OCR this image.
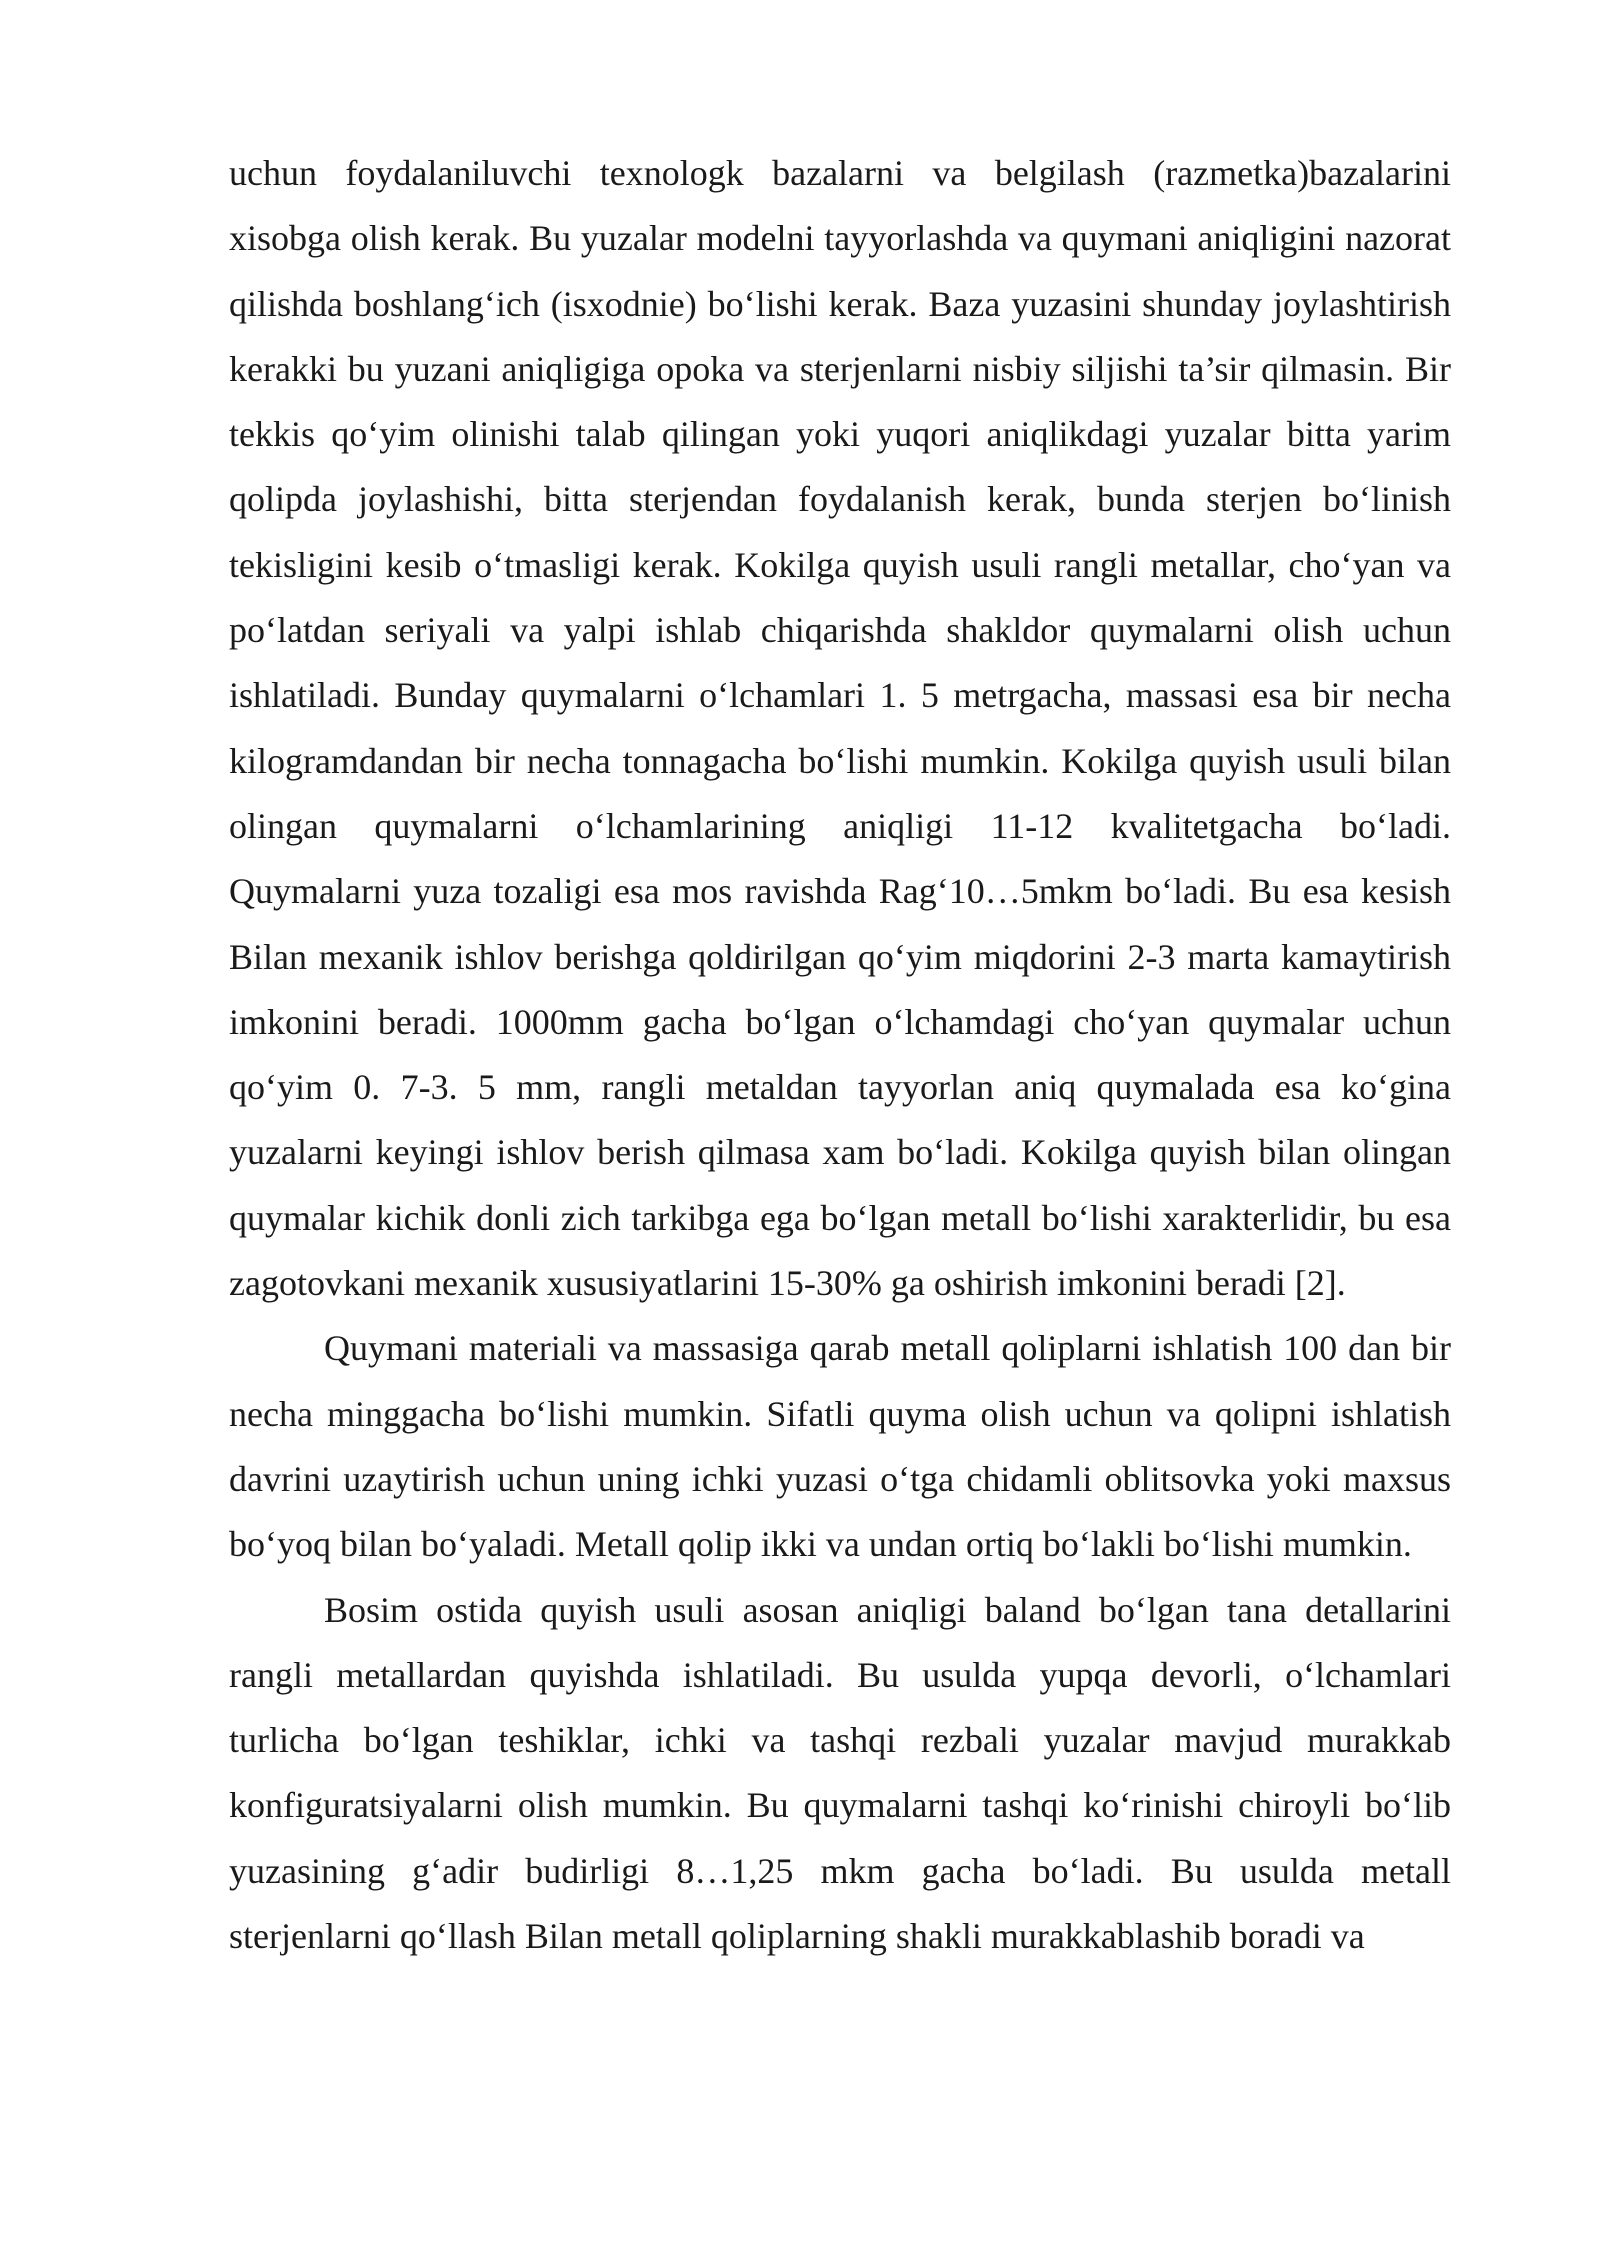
uchun foydalaniluvchi texnologk bazalarni va belgilash (razmetka)bazalarini xisobga olish kerak. Bu yuzalar modelni tayyorlashda va quymani aniqligini nazorat qilishda boshlang‘ich (isxodnie) bo‘lishi kerak. Baza yuzasini shunday joylashtirish kerakki bu yuzani aniqligiga opoka va sterjenlarni nisbiy siljishi ta’sir qilmasin. Bir tekkis qo‘yim olinishi talab qilingan yoki yuqori aniqlikdagi yuzalar bitta yarim qolipda joylashishi, bitta sterjendan foydalanish kerak, bunda sterjen bo‘linish tekisligini kesib o‘tmasligi kerak. Kokilga quyish usuli rangli metallar, cho‘yan va po‘latdan seriyali va yalpi ishlab chiqarishda shakldor quymalarni olish uchun ishlatiladi. Bunday quymalarni o‘lchamlari 1. 5 metrgacha, massasi esa bir necha kilogramdandan bir necha tonnagacha bo‘lishi mumkin. Kokilga quyish usuli bilan olingan quymalarni o‘lchamlarining aniqligi 11-12 kvalitetgacha bo‘ladi. Quymalarni yuza tozaligi esa mos ravishda Rag‘10…5mkm bo‘ladi. Bu esa kesish Bilan mexanik ishlov berishga qoldirilgan qo‘yim miqdorini 2-3 marta kamaytirish imkonini beradi. 1000mm gacha bo‘lgan o‘lchamdagi cho‘yan quymalar uchun qo‘yim 0. 7-3. 5 mm, rangli metaldan tayyorlan aniq quymalada esa ko‘gina yuzalarni keyingi ishlov berish qilmasa xam bo‘ladi. Kokilga quyish bilan olingan quymalar kichik donli zich tarkibga ega bo‘lgan metall bo‘lishi xarakterlidir, bu esa zagotovkani mexanik xususiyatlarini 15-30% ga oshirish imkonini beradi [2].

Quymani materiali va massasiga qarab metall qoliplarni ishlatish 100 dan bir necha minggacha bo‘lishi mumkin. Sifatli quyma olish uchun va qolipni ishlatish davrini uzaytirish uchun uning ichki yuzasi o‘tga chidamli oblitsovka yoki maxsus bo‘yoq bilan bo‘yaladi. Metall qolip ikki va undan ortiq bo‘lakli bo‘lishi mumkin.

Bosim ostida quyish usuli asosan aniqligi baland bo‘lgan tana detallarini rangli metallardan quyishda ishlatiladi. Bu usulda yupqa devorli, o‘lchamlari turlicha bo‘lgan teshiklar, ichki va tashqi rezbali yuzalar mavjud murakkab konfiguratsiyalarni olish mumkin. Bu quymalarni tashqi ko‘rinishi chiroyli bo‘lib yuzasining g‘adir budirligi 8…1,25 mkm gacha bo‘ladi. Bu usulda metall sterjenlarni qo‘llash Bilan metall qoliplarning shakli murakkablashib boradi va
